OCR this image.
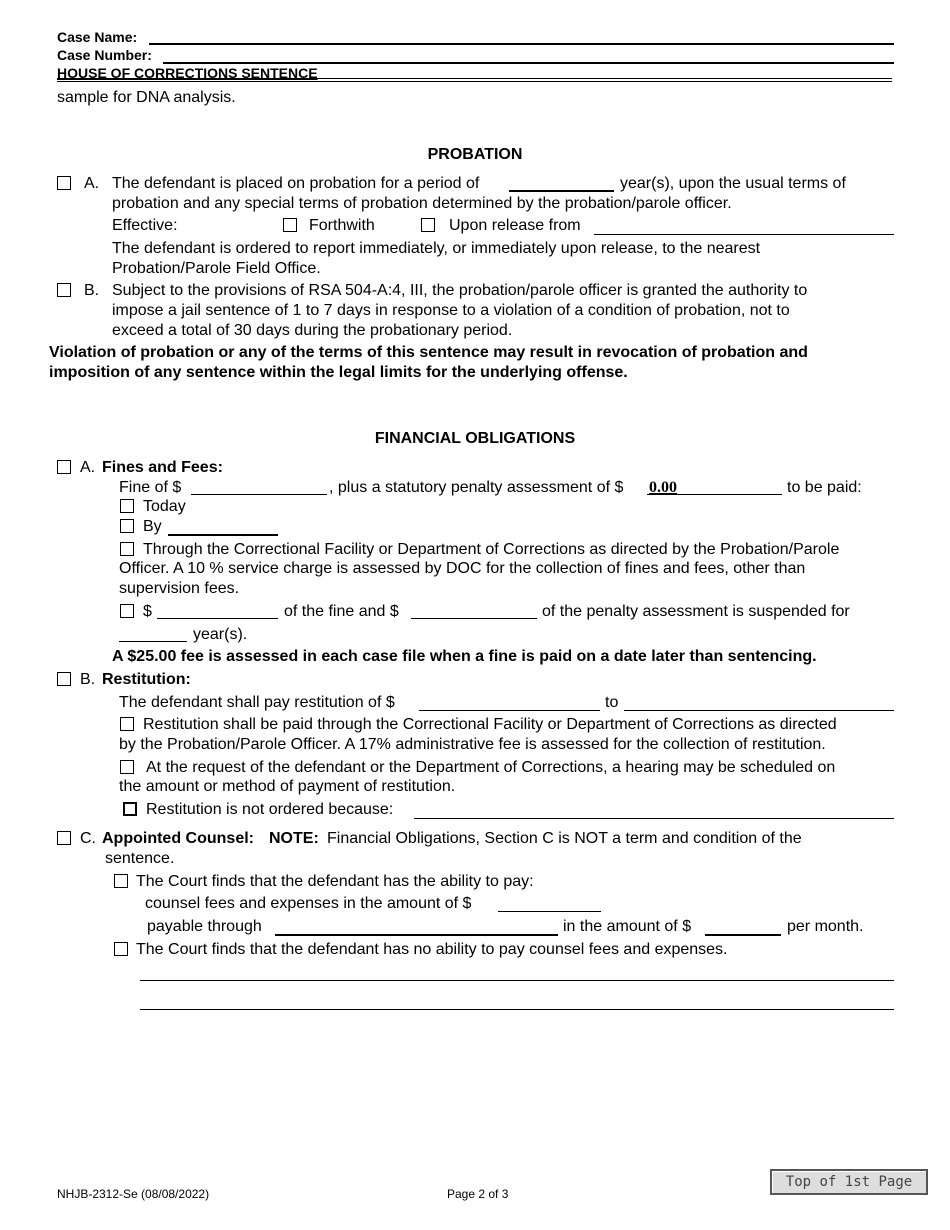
Case Name:
Case Number:
HOUSE OF CORRECTIONS SENTENCE
sample for DNA analysis.
PROBATION
A. The defendant is placed on probation for a period of	year(s), upon the usual terms of
probation and any special terms of probation determined by the probation/parole officer.
Effective:	Forthwith	Upon release from
The defendant is ordered to report immediately, or immediately upon release, to the nearest
Probation/Parole Field Office.
B. Subject to the provisions of RSA 504-A:4, III, the probation/parole officer is granted the authority to
impose a jail sentence of 1 to 7 days in response to a violation of a condition of probation, not to
exceed a total of 30 days during the probationary period.
Violation of probation or any of the terms of this sentence may result in revocation of probation and
imposition of any sentence within the legal limits for the underlying offense.
FINANCIAL OBLIGATIONS
A. Fines and Fees:
Fine of $	, plus a statutory penalty assessment of $ 0.00	to be paid:
Today
By
Through the Correctional Facility or Department of Corrections as directed by the Probation/Parole
Officer. A 10 % service charge is assessed by DOC for the collection of fines and fees, other than
supervision fees.
$	of the fine and $	of the penalty assessment is suspended for
year(s).
A $25.00 fee is assessed in each case file when a fine is paid on a date later than sentencing.
B. Restitution:
The defendant shall pay restitution of $	to
Restitution shall be paid through the Correctional Facility or Department of Corrections as directed
by the Probation/Parole Officer. A 17% administrative fee is assessed for the collection of restitution.
At the request of the defendant or the Department of Corrections, a hearing may be scheduled on
the amount or method of payment of restitution.
Restitution is not ordered because:
C. Appointed Counsel: NOTE: Financial Obligations, Section C is NOT a term and condition of the
sentence.
The Court finds that the defendant has the ability to pay:
counsel fees and expenses in the amount of $
payable through	in the amount of $	per month.
The Court finds that the defendant has no ability to pay counsel fees and expenses.
NHJB-2312-Se (08/08/2022)	Page 2 of 3
Top of 1st Page
